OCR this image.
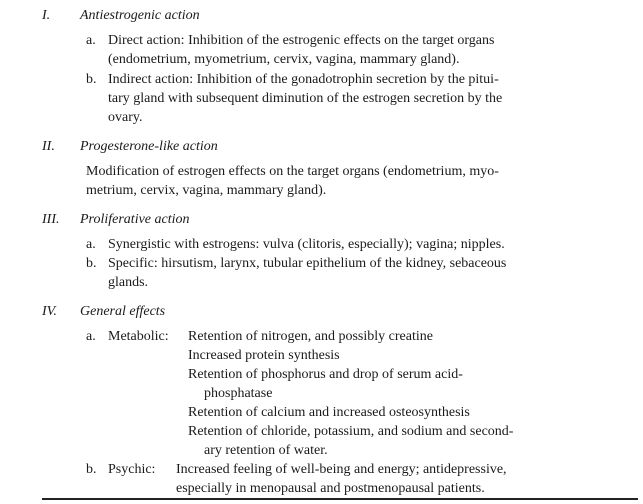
I. Antiestrogenic action
a. Direct action: Inhibition of the estrogenic effects on the target organs
(endometrium, myometrium, cervix, vagina, mammary gland).
b. Indirect action: Inhibition of the gonadotrophin secretion by the pitui-
tary gland with subsequent diminution of the estrogen secretion by the
ovary.
II. Progesterone-like action
Modification of estrogen effects on the target organs (endometrium, myo-
metrium, cervix, vagina, mammary gland).
III. Proliferative action
a. Synergistic with estrogens: vulva (clitoris, especially); vagina; nipples.
b. Specific: hirsutism, larynx, tubular epithelium of the kidney, sebaceous
glands.
IV. General effects
a. Metabolic: Retention of nitrogen, and possibly creatine
Increased protein synthesis
Retention of phosphorus and drop of serum acid-
phosphatase
Retention of calcium and increased osteosynthesis
Retention of chloride, potassium, and sodium and second-
ary retention of water.
b. Psychic: Increased feeling of well-being and energy; antidepressive,
especially in menopausal and postmenopausal patients.
